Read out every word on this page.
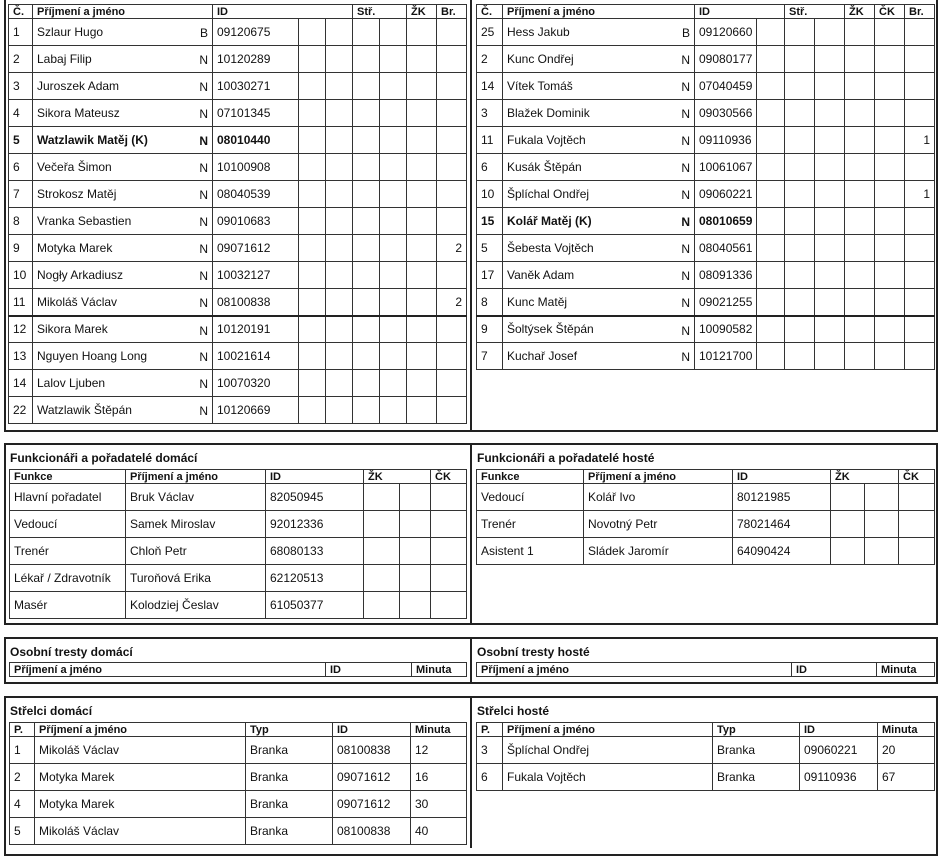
Č.	Příjmení a jméno	ID			Stř.		ŽK	Br.
1	Szlaur Hugo B	09120675						
2	Labaj Filip N	10120289						
3	Juroszek Adam N	10030271						
4	Sikora Mateusz N	07101345						
5	Watzlawik Matěj (K) N	08010440						
6	Večeřa Šimon N	10100908						
7	Strokosz Matěj N	08040539						
8	Vranka Sebastien N	09010683						
9	Motyka Marek N	09071612						2
10	Nogły Arkadiusz N	10032127						
11	Mikoláš Václav N	08100838						2
12	Sikora Marek N	10120191						
13	Nguyen Hoang Long N	10021614						
14	Lalov Ljuben N	10070320						
22	Watzlawik Štěpán N	10120669						
Č.	Příjmení a jméno	ID		Stř.		ŽK	ČK	Br.
25	Hess Jakub B	09120660						
2	Kunc Ondřej N	09080177						
14	Vítek Tomáš N	07040459						
3	Blažek Dominik N	09030566						
11	Fukala Vojtěch N	09110936						1
6	Kusák Štěpán N	10061067						
10	Šplíchal Ondřej N	09060221						1
15	Kolář Matěj (K) N	08010659						
5	Šebesta Vojtěch N	08040561						
17	Vaněk Adam N	08091336						
8	Kunc Matěj N	09021255						
9	Šoltýsek Štěpán N	10090582						
7	Kuchař Josef N	10121700						
Funkcionáři a pořadatelé domácí	Funkcionáři a pořadatelé hosté
Funkce	Příjmení a jméno	ID	ŽK		ČK
Hlavní pořadatel	Bruk Václav	82050945			
Vedoucí	Samek Miroslav	92012336			
Trenér	Chloň Petr	68080133			
Lékař / Zdravotník	Turoňová Erika	62120513			
Masér	Kolodziej Česlav	61050377			
Funkce	Příjmení a jméno	ID	ŽK		ČK
Vedoucí	Kolář Ivo	80121985			
Trenér	Novotný Petr	78021464			
Asistent 1	Sládek Jaromír	64090424			
Osobní tresty domácí	Osobní tresty hosté
Příjmení a jméno	ID	Minuta	Příjmení a jméno	ID	Minuta
Střelci domácí	Střelci hosté
P.	Příjmení a jméno	Typ	ID	Minuta
1	Mikoláš Václav	Branka	08100838	12
2	Motyka Marek	Branka	09071612	16
4	Motyka Marek	Branka	09071612	30
5	Mikoláš Václav	Branka	08100838	40
P.	Příjmení a jméno	Typ	ID	Minuta
3	Šplíchal Ondřej	Branka	09060221	20
6	Fukala Vojtěch	Branka	09110936	67
